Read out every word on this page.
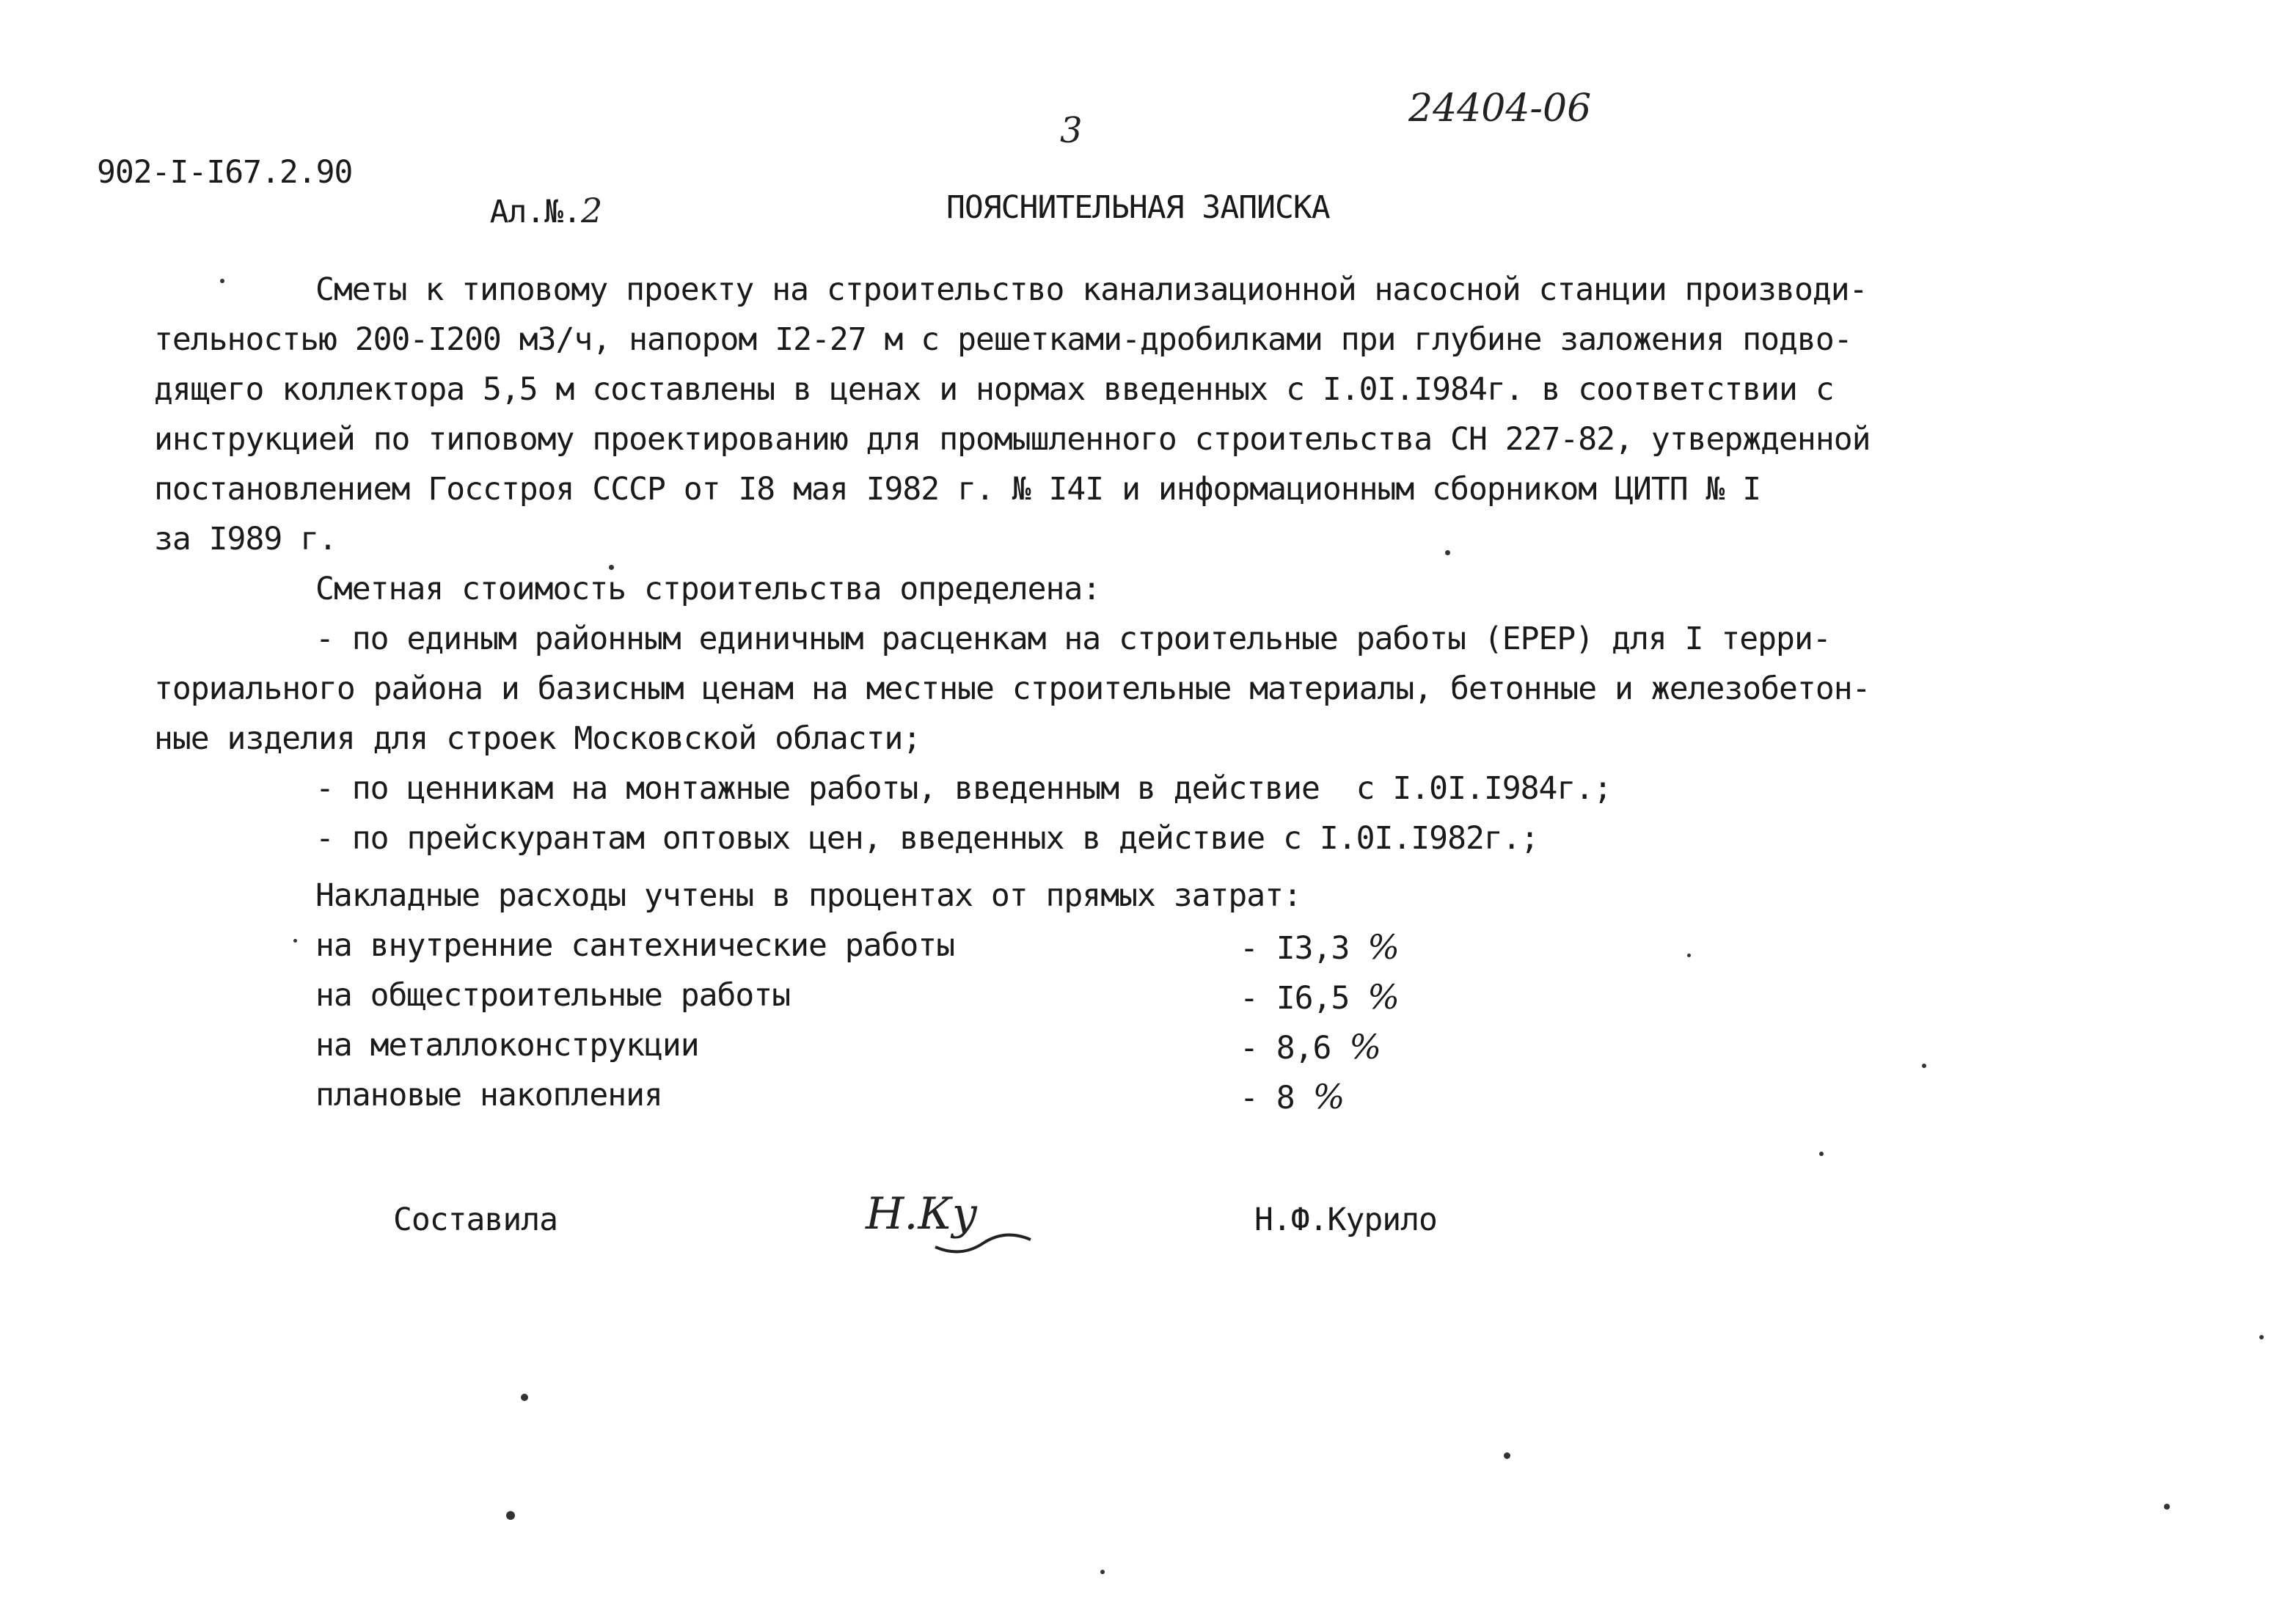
902-I-I67.2.90

Ал.№.2

3	24404-06
ПОЯСНИТЕЛЬНАЯ ЗАПИСКА
Сметы к типовому проекту на строительство канализационной насосной станции производи-
тельностью 200-I200 м3/ч, напором I2-27 м с решетками-дробилками при глубине заложения подво-
дящего коллектора 5,5 м составлены в ценах и нормах введенных с I.0I.I984г. в соответствии с
инструкцией по типовому проектированию для промышленного строительства СН 227-82, утвержденной
постановлением Госстроя СССР от I8 мая I982 г. № I4I и информационным сборником ЦИТП № I
за I989 г.
Сметная стоимость строительства определена:
- по единым районным единичным расценкам на строительные работы (ЕРЕР) для I терри-
ториального района и базисным ценам на местные строительные материалы, бетонные и железобетон-
ные изделия для строек Московской области;
- по ценникам на монтажные работы, введенным в действие  с I.0I.I984г.;
- по прейскурантам оптовых цен, введенных в действие с I.0I.I982г.;
Накладные расходы учтены в процентах от прямых затрат:
на внутренние сантехнические работы	- I3,3 %
на общестроительные работы	- I6,5 %
на металлоконструкции	- 8,6 %
плановые накопления	- 8 %
Составила	Н.Ку	Н.Ф.Курило
